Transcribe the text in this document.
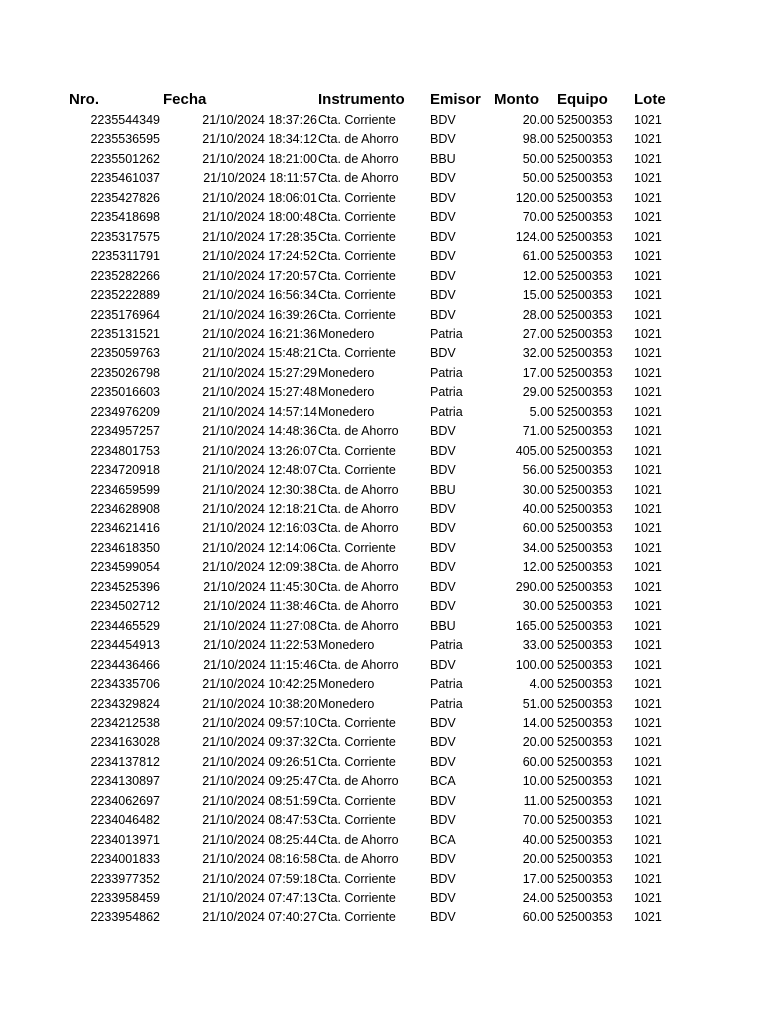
Nro.	Fecha	Instrumento Emisor Monto Equipo Lote
2235544349	21/10/2024 18:37:26 Cta. Corriente	BDV	20.00 52500353 1021
2235536595	21/10/2024 18:34:12 Cta. de Ahorro	BDV	98.00 52500353 1021
2235501262	21/10/2024 18:21:00 Cta. de Ahorro	BBU	50.00 52500353 1021
2235461037	21/10/2024 18:11:57 Cta. de Ahorro	BDV	50.00 52500353 1021
2235427826	21/10/2024 18:06:01 Cta. Corriente	BDV	120.00 52500353 1021
2235418698	21/10/2024 18:00:48 Cta. Corriente	BDV	70.00 52500353 1021
2235317575	21/10/2024 17:28:35 Cta. Corriente	BDV	124.00 52500353 1021
2235311791	21/10/2024 17:24:52 Cta. Corriente	BDV	61.00 52500353 1021
2235282266	21/10/2024 17:20:57 Cta. Corriente	BDV	12.00 52500353 1021
2235222889	21/10/2024 16:56:34 Cta. Corriente	BDV	15.00 52500353 1021
2235176964	21/10/2024 16:39:26 Cta. Corriente	BDV	28.00 52500353 1021
2235131521	21/10/2024 16:21:36 Monedero	Patria	27.00 52500353 1021
2235059763	21/10/2024 15:48:21 Cta. Corriente	BDV	32.00 52500353 1021
2235026798	21/10/2024 15:27:29 Monedero	Patria	17.00 52500353 1021
2235016603	21/10/2024 15:27:48 Monedero	Patria	29.00 52500353 1021
2234976209	21/10/2024 14:57:14 Monedero	Patria	5.00 52500353 1021
2234957257	21/10/2024 14:48:36 Cta. de Ahorro	BDV	71.00 52500353 1021
2234801753	21/10/2024 13:26:07 Cta. Corriente	BDV	405.00 52500353 1021
2234720918	21/10/2024 12:48:07 Cta. Corriente	BDV	56.00 52500353 1021
2234659599	21/10/2024 12:30:38 Cta. de Ahorro	BBU	30.00 52500353 1021
2234628908	21/10/2024 12:18:21 Cta. de Ahorro	BDV	40.00 52500353 1021
2234621416	21/10/2024 12:16:03 Cta. de Ahorro	BDV	60.00 52500353 1021
2234618350	21/10/2024 12:14:06 Cta. Corriente	BDV	34.00 52500353 1021
2234599054	21/10/2024 12:09:38 Cta. de Ahorro	BDV	12.00 52500353 1021
2234525396	21/10/2024 11:45:30 Cta. de Ahorro	BDV	290.00 52500353 1021
2234502712	21/10/2024 11:38:46 Cta. de Ahorro	BDV	30.00 52500353 1021
2234465529	21/10/2024 11:27:08 Cta. de Ahorro	BBU	165.00 52500353 1021
2234454913	21/10/2024 11:22:53 Monedero	Patria	33.00 52500353 1021
2234436466	21/10/2024 11:15:46 Cta. de Ahorro	BDV	100.00 52500353 1021
2234335706	21/10/2024 10:42:25 Monedero	Patria	4.00 52500353 1021
2234329824	21/10/2024 10:38:20 Monedero	Patria	51.00 52500353 1021
2234212538	21/10/2024 09:57:10 Cta. Corriente	BDV	14.00 52500353 1021
2234163028	21/10/2024 09:37:32 Cta. Corriente	BDV	20.00 52500353 1021
2234137812	21/10/2024 09:26:51 Cta. Corriente	BDV	60.00 52500353 1021
2234130897	21/10/2024 09:25:47 Cta. de Ahorro	BCA	10.00 52500353 1021
2234062697	21/10/2024 08:51:59 Cta. Corriente	BDV	11.00 52500353 1021
2234046482	21/10/2024 08:47:53 Cta. Corriente	BDV	70.00 52500353 1021
2234013971	21/10/2024 08:25:44 Cta. de Ahorro	BCA	40.00 52500353 1021
2234001833	21/10/2024 08:16:58 Cta. de Ahorro	BDV	20.00 52500353 1021
2233977352	21/10/2024 07:59:18 Cta. Corriente	BDV	17.00 52500353 1021
2233958459	21/10/2024 07:47:13 Cta. Corriente	BDV	24.00 52500353 1021
2233954862	21/10/2024 07:40:27 Cta. Corriente	BDV	60.00 52500353 1021
